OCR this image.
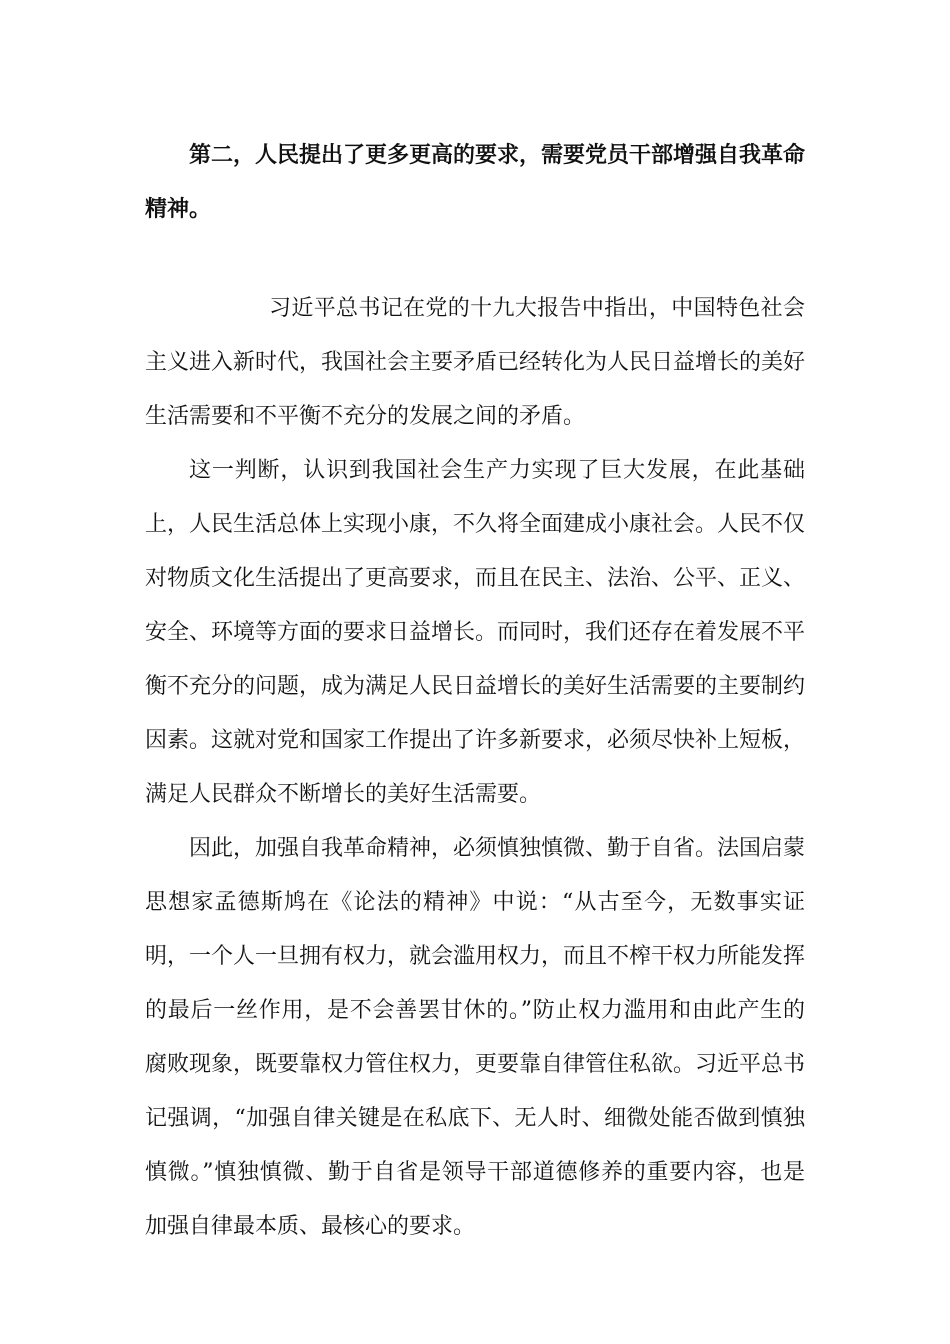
第二，人民提出了更多更高的要求，需要党员干部增强自我革命精神。

习近平总书记在党的十九大报告中指出，中国特色社会主义进入新时代，我国社会主要矛盾已经转化为人民日益增长的美好生活需要和不平衡不充分的发展之间的矛盾。

这一判断，认识到我国社会生产力实现了巨大发展，在此基础上，人民生活总体上实现小康，不久将全面建成小康社会。人民不仅对物质文化生活提出了更高要求，而且在民主、法治、公平、正义、安全、环境等方面的要求日益增长。而同时，我们还存在着发展不平衡不充分的问题，成为满足人民日益增长的美好生活需要的主要制约因素。这就对党和国家工作提出了许多新要求，必须尽快补上短板，满足人民群众不断增长的美好生活需要。

因此，加强自我革命精神，必须慎独慎微、勤于自省。法国启蒙思想家孟德斯鸠在《论法的精神》中说：“从古至今，无数事实证明，一个人一旦拥有权力，就会滥用权力，而且不榨干权力所能发挥的最后一丝作用，是不会善罢甘休的。”防止权力滥用和由此产生的腐败现象，既要靠权力管住权力，更要靠自律管住私欲。习近平总书记强调，“加强自律关键是在私底下、无人时、细微处能否做到慎独慎微。”慎独慎微、勤于自省是领导干部道德修养的重要内容，也是加强自律最本质、最核心的要求。
